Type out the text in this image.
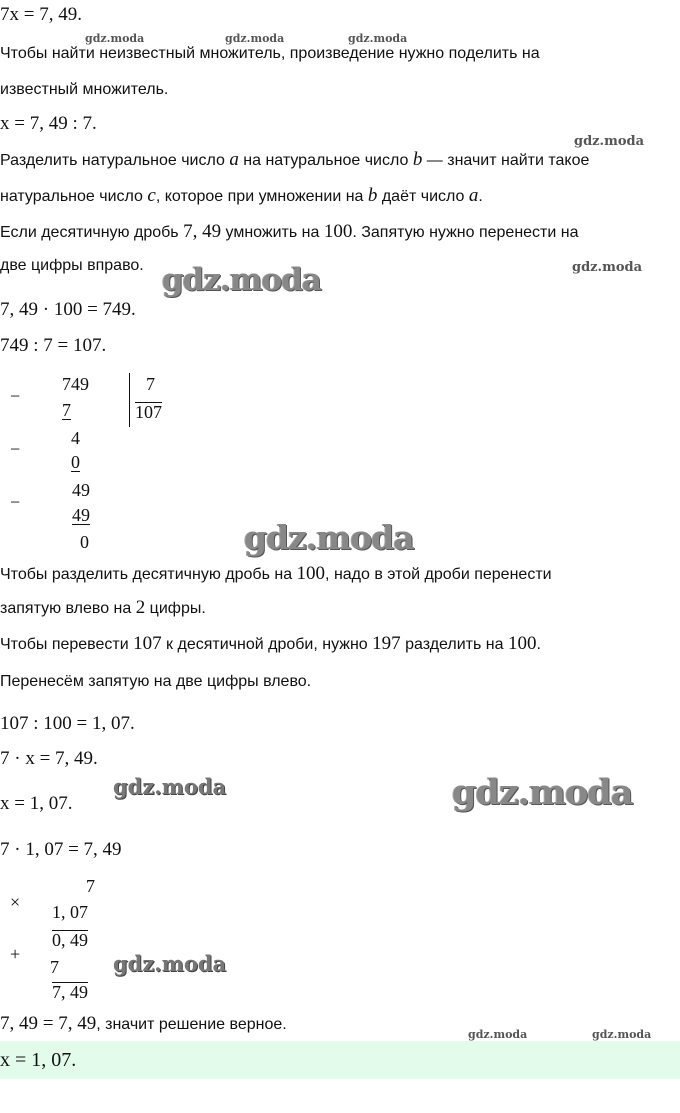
gdz.moda	gdz.moda	gdz.moda
gdz.moda
gdz.moda
gdz.moda
gdz.moda
gdz.moda	gdz.moda
gdz.moda
gdz.moda	gdz.moda
7x = 7, 49.
Чтобы найти неизвестный множитель, произведение нужно поделить на
известный множитель.
x = 7, 49 : 7.
Разделить натуральное число a на натуральное число b — значит найти такое
натуральное число c, которое при умножении на b даёт число a.
Если десятичную дробь 7, 49 умножить на 100. Запятую нужно перенести на
две цифры вправо.
7, 49 · 100 = 749.
749 : 7 = 107.
−
749
7
7
107
−
4
0
−
49
49
0
Чтобы разделить десятичную дробь на 100, надо в этой дроби перенести
запятую влево на 2 цифры.
Чтобы перевести 107 к десятичной дроби, нужно 197 разделить на 100.
Перенесём запятую на две цифры влево.
107 : 100 = 1, 07.
7 · x = 7, 49.
x = 1, 07.
7 · 1, 07 = 7, 49
7
× 1, 07
0, 49
+
7
7, 49
7, 49 = 7, 49, значит решение верное.
x = 1, 07.
